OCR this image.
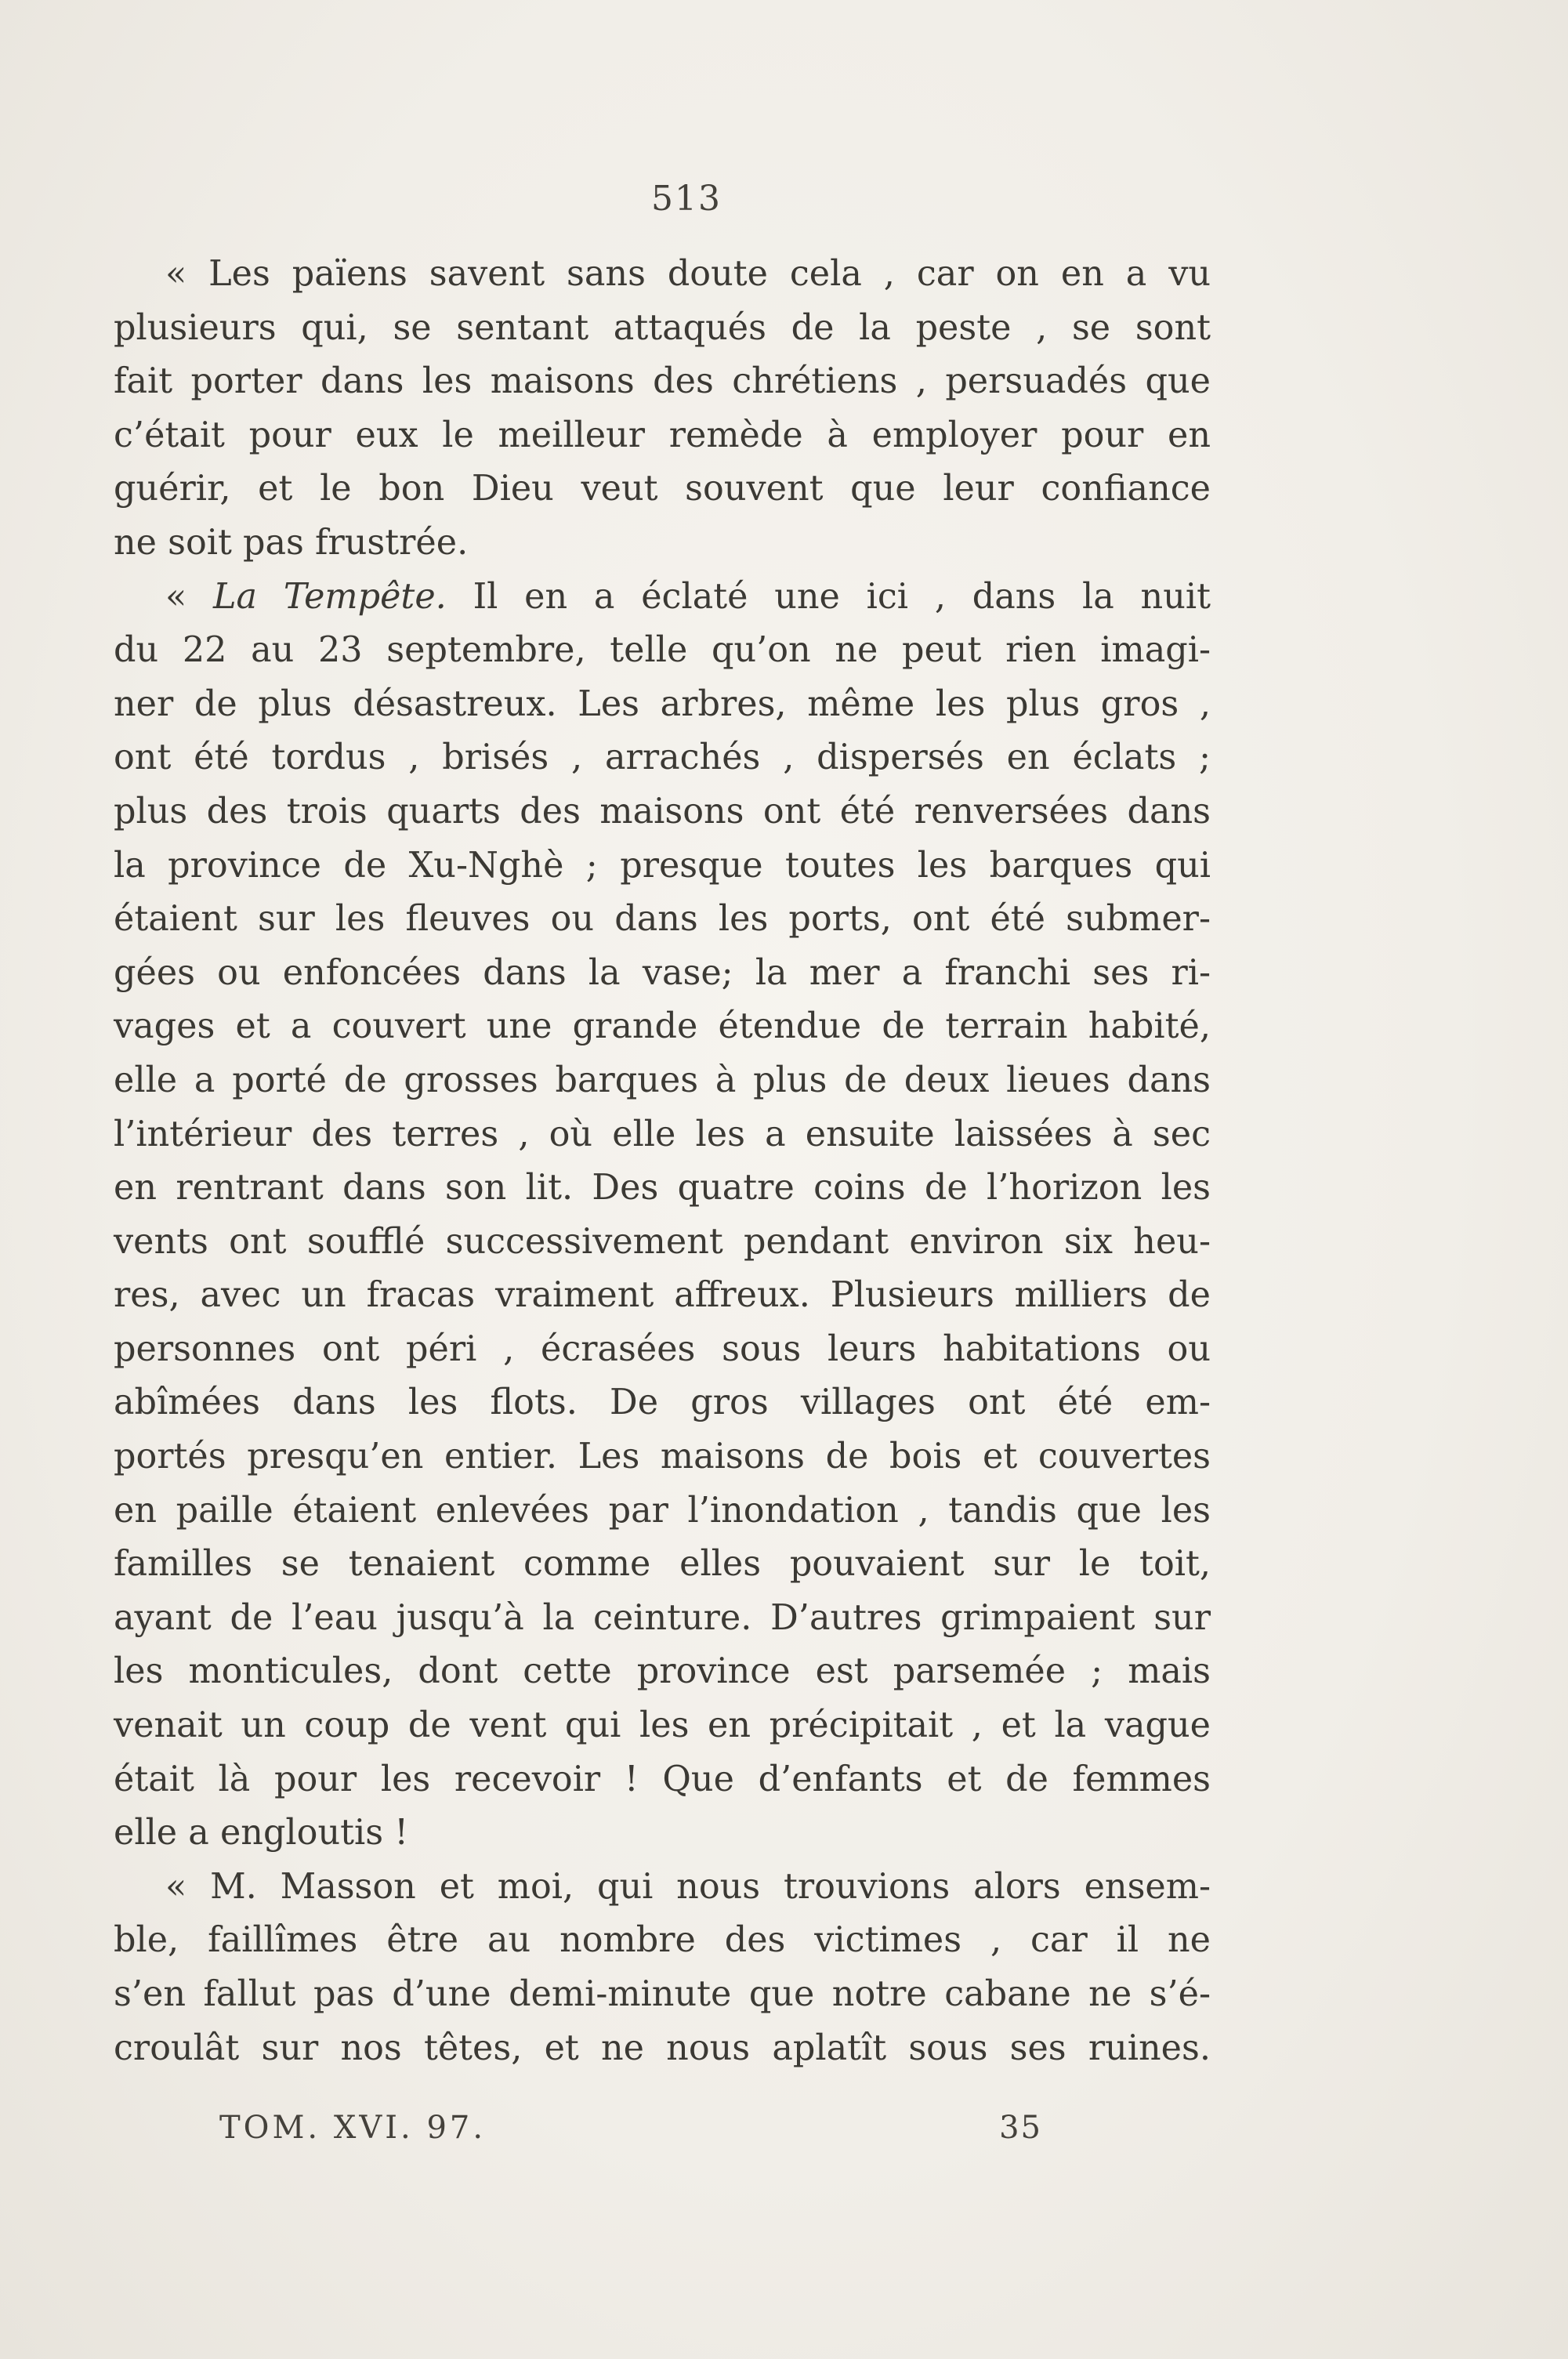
513
« Les païens savent sans doute cela , car on en a vu
plusieurs qui, se sentant attaqués de la peste , se sont
fait porter dans les maisons des chrétiens , persuadés que
c’était pour eux le meilleur remède à employer pour en
guérir, et le bon Dieu veut souvent que leur confiance
ne soit pas frustrée.
« La Tempête. Il en a éclaté une ici , dans la nuit
du 22 au 23 septembre, telle qu’on ne peut rien imagi-
ner de plus désastreux. Les arbres, même les plus gros ,
ont été tordus , brisés , arrachés , dispersés en éclats ;
plus des trois quarts des maisons ont été renversées dans
la province de Xu-Nghè ; presque toutes les barques qui
étaient sur les fleuves ou dans les ports, ont été submer-
gées ou enfoncées dans la vase; la mer a franchi ses ri-
vages et a couvert une grande étendue de terrain habité,
elle a porté de grosses barques à plus de deux lieues dans
l’intérieur des terres , où elle les a ensuite laissées à sec
en rentrant dans son lit. Des quatre coins de l’horizon les
vents ont soufflé successivement pendant environ six heu-
res, avec un fracas vraiment affreux. Plusieurs milliers de
personnes ont péri , écrasées sous leurs habitations ou
abîmées dans les flots. De gros villages ont été em-
portés presqu’en entier. Les maisons de bois et couvertes
en paille étaient enlevées par l’inondation , tandis que les
familles se tenaient comme elles pouvaient sur le toit,
ayant de l’eau jusqu’à la ceinture. D’autres grimpaient sur
les monticules, dont cette province est parsemée ; mais
venait un coup de vent qui les en précipitait , et la vague
était là pour les recevoir ! Que d’enfants et de femmes
elle a engloutis !
« M. Masson et moi, qui nous trouvions alors ensem-
ble, faillîmes être au nombre des victimes , car il ne
s’en fallut pas d’une demi-minute que notre cabane ne s’é-
croulât sur nos têtes, et ne nous aplatît sous ses ruines.
TOM. XVI. 97.	35
